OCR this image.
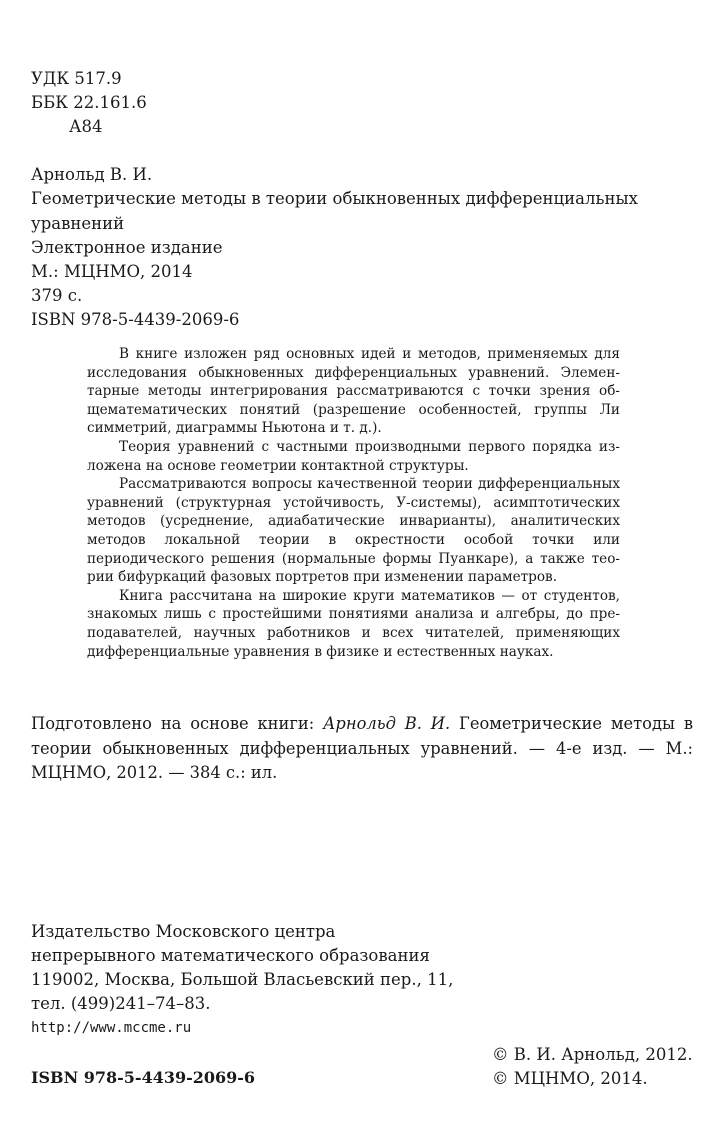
УДК 517.9
ББК 22.161.6
А84
Арнольд В. И.
Геометрические методы в теории обыкновенных дифференциальных уравнений
Электронное издание
М.: МЦНМО, 2014
379 с.
ISBN 978-5-4439-2069-6

В книге изложен ряд основных идей и методов, применяемых для исследования обыкновенных дифференциальных уравнений. Элементарные методы интегрирования рассматриваются с точки зрения общематематических понятий (разрешение особенностей, группы Ли симметрий, диаграммы Ньютона и т. д.).

Теория уравнений с частными производными первого порядка изложена на основе геометрии контактной структуры.

Рассматриваются вопросы качественной теории дифференциальных уравнений (структурная устойчивость, У-системы), асимптотических методов (усреднение, адиабатические инварианты), аналитических методов локальной теории в окрестности особой точки или периодического решения (нормальные формы Пуанкаре), а также теории бифуркаций фазовых портретов при изменении параметров.

Книга рассчитана на широкие круги математиков — от студентов, знакомых лишь с простейшими понятиями анализа и алгебры, до преподавателей, научных работников и всех читателей, применяющих дифференциальные уравнения в физике и естественных науках.

Подготовлено на основе книги: Арнольд В. И. Геометрические методы в теории обыкновенных дифференциальных уравнений. — 4-е изд. — М.: МЦНМО, 2012. — 384 с.: ил.

Издательство Московского центра
непрерывного математического образования
119002, Москва, Большой Власьевский пер., 11,
тел. (499)241–74–83.
http://www.mccme.ru
ISBN 978-5-4439-2069-6
© В. И. Арнольд, 2012.
© МЦНМО, 2014.
